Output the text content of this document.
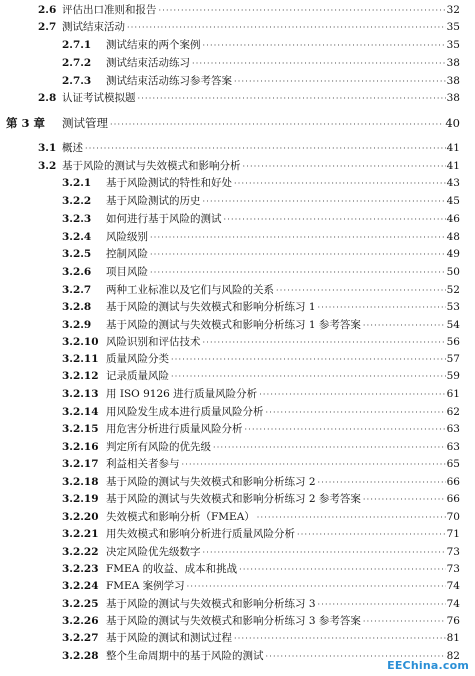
2.6 评估出口准则和报告 ·····	32
2.7 测试结束活动 ·····	35
2.7.1 测试结束的两个案例 ·····	35
2.7.2 测试结束活动练习 ·····	38
2.7.3 测试结束活动练习参考答案 ·····	38
2.8 认证考试模拟题 ·····	38
第 3 章 测试管理 ·····	40
3.1 概述 ·····	41
3.2 基于风险的测试与失效模式和影响分析 ·····	41
3.2.1 基于风险测试的特性和好处 ·····	43
3.2.2 基于风险测试的历史 ·····	45
3.2.3 如何进行基于风险的测试 ·····	46
3.2.4 风险级别 ·····	48
3.2.5 控制风险 ·····	49
3.2.6 项目风险 ·····	50
3.2.7 两种工业标准以及它们与风险的关系 ·····	52
3.2.8 基于风险的测试与失效模式和影响分析练习 1 ·····	53
3.2.9 基于风险的测试与失效模式和影响分析练习 1 参考答案 ·····	54
3.2.10 风险识别和评估技术 ·····	56
3.2.11 质量风险分类 ·····	57
3.2.12 记录质量风险 ·····	59
3.2.13 用 ISO 9126 进行质量风险分析 ·····	61
3.2.14 用风险发生成本进行质量风险分析 ·····	62
3.2.15 用危害分析进行质量风险分析 ·····	63
3.2.16 判定所有风险的优先级 ·····	63
3.2.17 利益相关者参与 ·····	65
3.2.18 基于风险的测试与失效模式和影响分析练习 2 ·····	66
3.2.19 基于风险的测试与失效模式和影响分析练习 2 参考答案 ·····	66
3.2.20 失效模式和影响分析（FMEA） ·····	70
3.2.21 用失效模式和影响分析进行质量风险分析 ·····	71
3.2.22 决定风险优先级数字 ·····	73
3.2.23 FMEA 的收益、成本和挑战 ·····	73
3.2.24 FMEA 案例学习 ·····	74
3.2.25 基于风险的测试与失效模式和影响分析练习 3 ·····	74
3.2.26 基于风险的测试与失效模式和影响分析练习 3 参考答案 ·····	76
3.2.27 基于风险的测试和测试过程 ·····	81
3.2.28 整个生命周期中的基于风险的测试 ·····	82
EEChina.com
